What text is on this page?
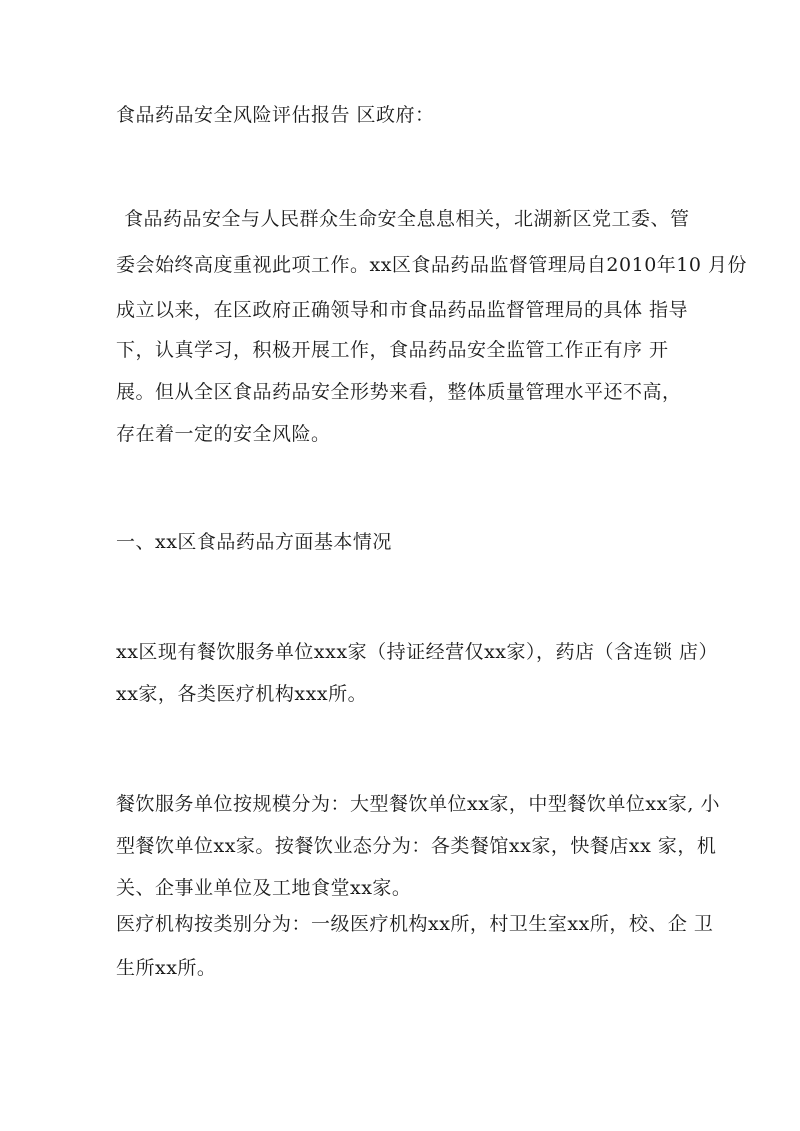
食品药品安全风险评估报告 区政府：
食品药品安全与人民群众生命安全息息相关，北湖新区党工委、管
委会始终高度重视此项工作。xx区食品药品监督管理局自2010年10 月份
成立以来，在区政府正确领导和市食品药品监督管理局的具体 指导
下，认真学习，积极开展工作，食品药品安全监管工作正有序 开
展。但从全区食品药品安全形势来看，整体质量管理水平还不高，
存在着一定的安全风险。
一、xx区食品药品方面基本情况
xx区现有餐饮服务单位xxx家（持证经营仅xx家），药店（含连锁 店）
xx家，各类医疗机构xxx所。
餐饮服务单位按规模分为：大型餐饮单位xx家，中型餐饮单位xx家, 小
型餐饮单位xx家。按餐饮业态分为：各类餐馆xx家，快餐店xx 家，机
关、企事业单位及工地食堂xx家。
医疗机构按类别分为：一级医疗机构xx所，村卫生室xx所，校、企 卫
生所xx所。
